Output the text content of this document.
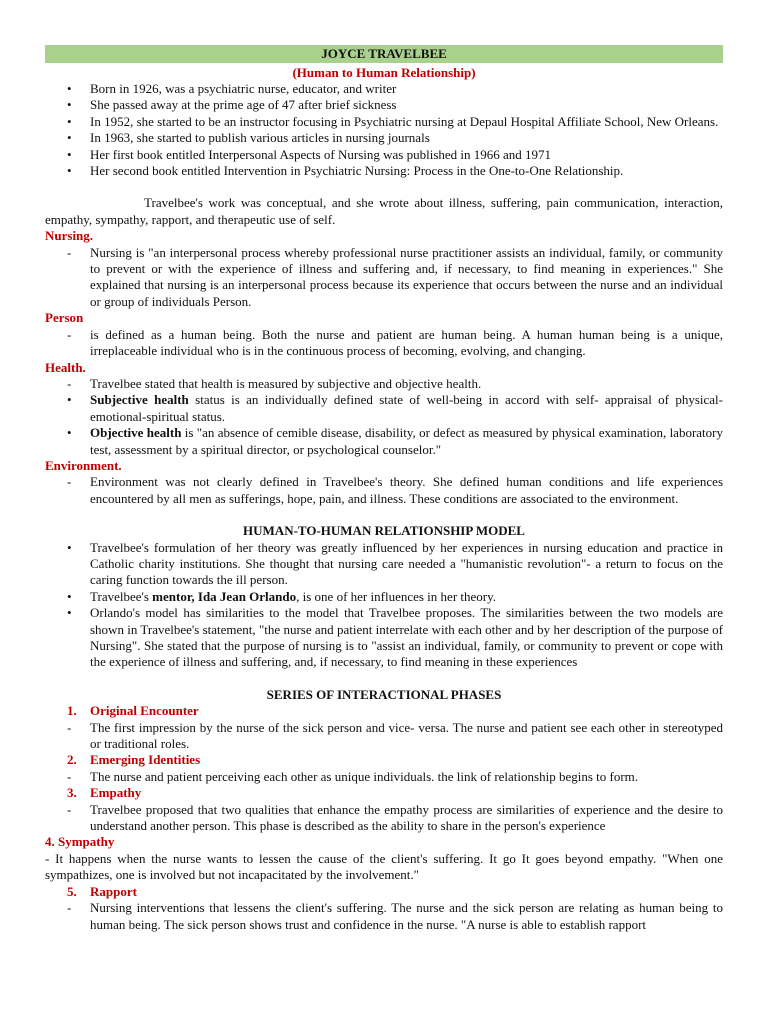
JOYCE TRAVELBEE
(Human to Human Relationship)
• Born in 1926, was a psychiatric nurse, educator, and writer
• She passed away at the prime age of 47 after brief sickness
• In 1952, she started to be an instructor focusing in Psychiatric nursing at Depaul Hospital Affiliate School, New Orleans.
• In 1963, she started to publish various articles in nursing journals
• Her first book entitled Interpersonal Aspects of Nursing was published in 1966 and 1971
• Her second book entitled Intervention in Psychiatric Nursing: Process in the One-to-One Relationship.
Travelbee's work was conceptual, and she wrote about illness, suffering, pain communication, interaction, empathy, sympathy, rapport, and therapeutic use of self.
Nursing.
- Nursing is "an interpersonal process whereby professional nurse practitioner assists an individual, family, or community to prevent or with the experience of illness and suffering and, if necessary, to find meaning in experiences." She explained that nursing is an interpersonal process because its experience that occurs between the nurse and an individual or group of individuals Person.
Person
- is defined as a human being. Both the nurse and patient are human being. A human human being is a unique, irreplaceable individual who is in the continuous process of becoming, evolving, and changing.
Health.
- Travelbee stated that health is measured by subjective and objective health.
• Subjective health status is an individually defined state of well-being in accord with self- appraisal of physical-emotional-spiritual status.
• Objective health is "an absence of cemible disease, disability, or defect as measured by physical examination, laboratory test, assessment by a spiritual director, or psychological counselor."
Environment.
- Environment was not clearly defined in Travelbee's theory. She defined human conditions and life experiences encountered by all men as sufferings, hope, pain, and illness. These conditions are associated to the environment.
HUMAN-TO-HUMAN RELATIONSHIP MODEL
• Travelbee's formulation of her theory was greatly influenced by her experiences in nursing education and practice in Catholic charity institutions. She thought that nursing care needed a "humanistic revolution"- a return to focus on the caring function towards the ill person.
• Travelbee's mentor, Ida Jean Orlando, is one of her influences in her theory.
• Orlando's model has similarities to the model that Travelbee proposes. The similarities between the two models are shown in Travelbee's statement, "the nurse and patient interrelate with each other and by her description of the purpose of Nursing". She stated that the purpose of nursing is to "assist an individual, family, or community to prevent or cope with the experience of illness and suffering, and, if necessary, to find meaning in these experiences
SERIES OF INTERACTIONAL PHASES
1. Original Encounter
- The first impression by the nurse of the sick person and vice- versa. The nurse and patient see each other in stereotyped or traditional roles.
2. Emerging Identities
- The nurse and patient perceiving each other as unique individuals. the link of relationship begins to form.
3. Empathy
- Travelbee proposed that two qualities that enhance the empathy process are similarities of experience and the desire to understand another person. This phase is described as the ability to share in the person's experience
4. Sympathy
- It happens when the nurse wants to lessen the cause of the client's suffering. It go It goes beyond empathy. "When one sympathizes, one is involved but not incapacitated by the involvement."
5. Rapport
- Nursing interventions that lessens the client's suffering. The nurse and the sick person are relating as human being to human being. The sick person shows trust and confidence in the nurse. "A nurse is able to establish rapport
